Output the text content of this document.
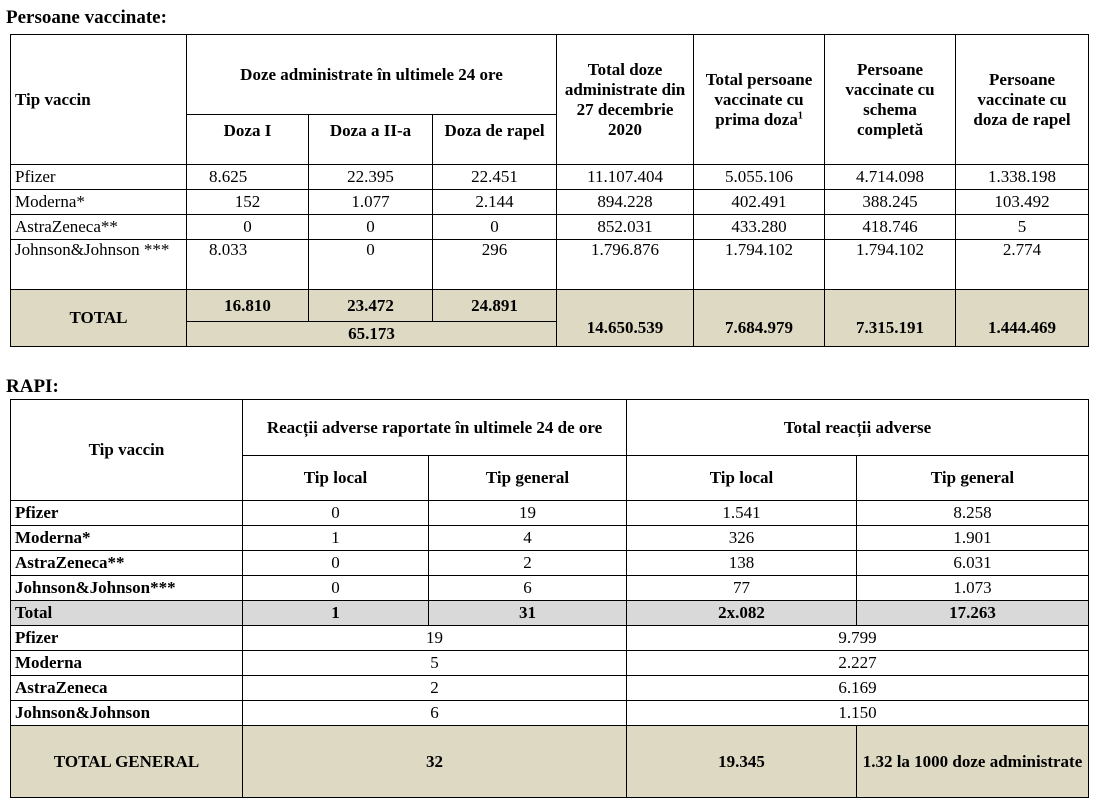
Persoane vaccinate:
Tip vaccin	Doze administrate în ultimele 24 ore			Total doze administrate din 27 decembrie 2020	Total persoane vaccinate cu prima doza$^1$	Persoane vaccinate cu schema completă	Persoane vaccinate cu doza de rapel
	Doza I	Doza a II-a	Doza de rapel				
Pfizer	8.625	22.395	22.451	11.107.404	5.055.106	4.714.098	1.338.198
Moderna*	152	1.077	2.144	894.228	402.491	388.245	103.492
AstraZeneca**	0	0	0	852.031	433.280	418.746	5
Johnson&Johnson ***	8.033	0	296	1.796.876	1.794.102	1.794.102	2.774
TOTAL	16.810	23.472	24.891	14.650.539	7.684.979	7.315.191	1.444.469
	65.173						
RAPI:
Tip vaccin	Reacții adverse raportate în ultimele 24 de ore		Total reacții adverse	
	Tip local	Tip general	Tip local	Tip general
Pfizer	0	19	1.541	8.258
Moderna*	1	4	326	1.901
AstraZeneca**	0	2	138	6.031
Johnson&Johnson***	0	6	77	1.073
Total	1	31	2x.082	17.263
Pfizer	19		9.799	
Moderna	5		2.227	
AstraZeneca	2		6.169	
Johnson&Johnson	6		1.150	
TOTAL GENERAL	32		19.345	1.32 la 1000 doze administrate
